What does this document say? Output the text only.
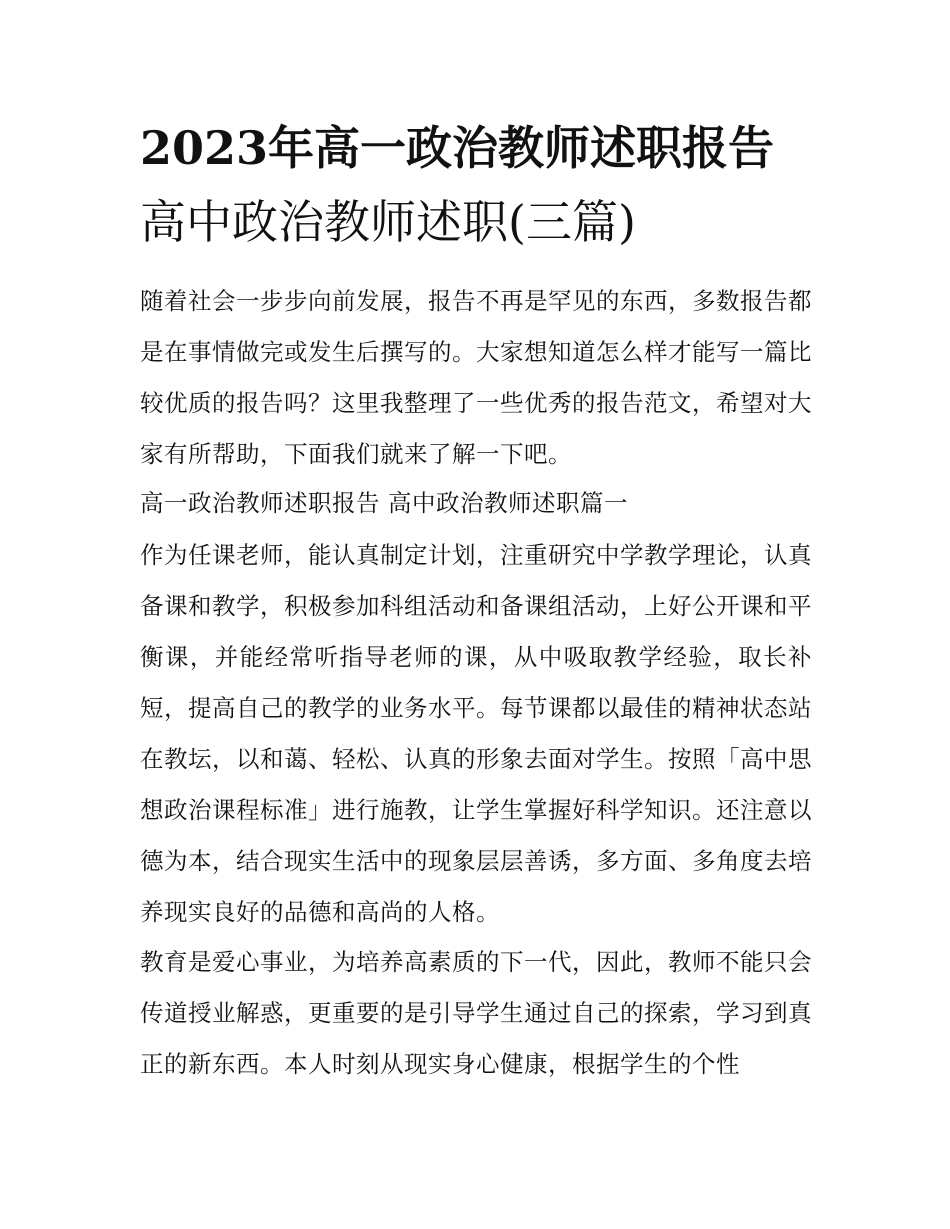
2023年高一政治教师述职报告
高中政治教师述职(三篇)

随着社会一步步向前发展，报告不再是罕见的东西，多数报告都是在事情做完或发生后撰写的。大家想知道怎么样才能写一篇比较优质的报告吗？这里我整理了一些优秀的报告范文，希望对大家有所帮助，下面我们就来了解一下吧。

高一政治教师述职报告 高中政治教师述职篇一

作为任课老师，能认真制定计划，注重研究中学教学理论，认真备课和教学，积极参加科组活动和备课组活动，上好公开课和平衡课，并能经常听指导老师的课，从中吸取教学经验，取长补短，提高自己的教学的业务水平。每节课都以最佳的精神状态站在教坛，以和蔼、轻松、认真的形象去面对学生。按照「高中思想政治课程标准」进行施教，让学生掌握好科学知识。还注意以德为本，结合现实生活中的现象层层善诱，多方面、多角度去培养现实良好的品德和高尚的人格。

教育是爱心事业，为培养高素质的下一代，因此，教师不能只会传道授业解惑，更重要的是引导学生通过自己的探索，学习到真正的新东西。本人时刻从现实身心健康，根据学生的个性
